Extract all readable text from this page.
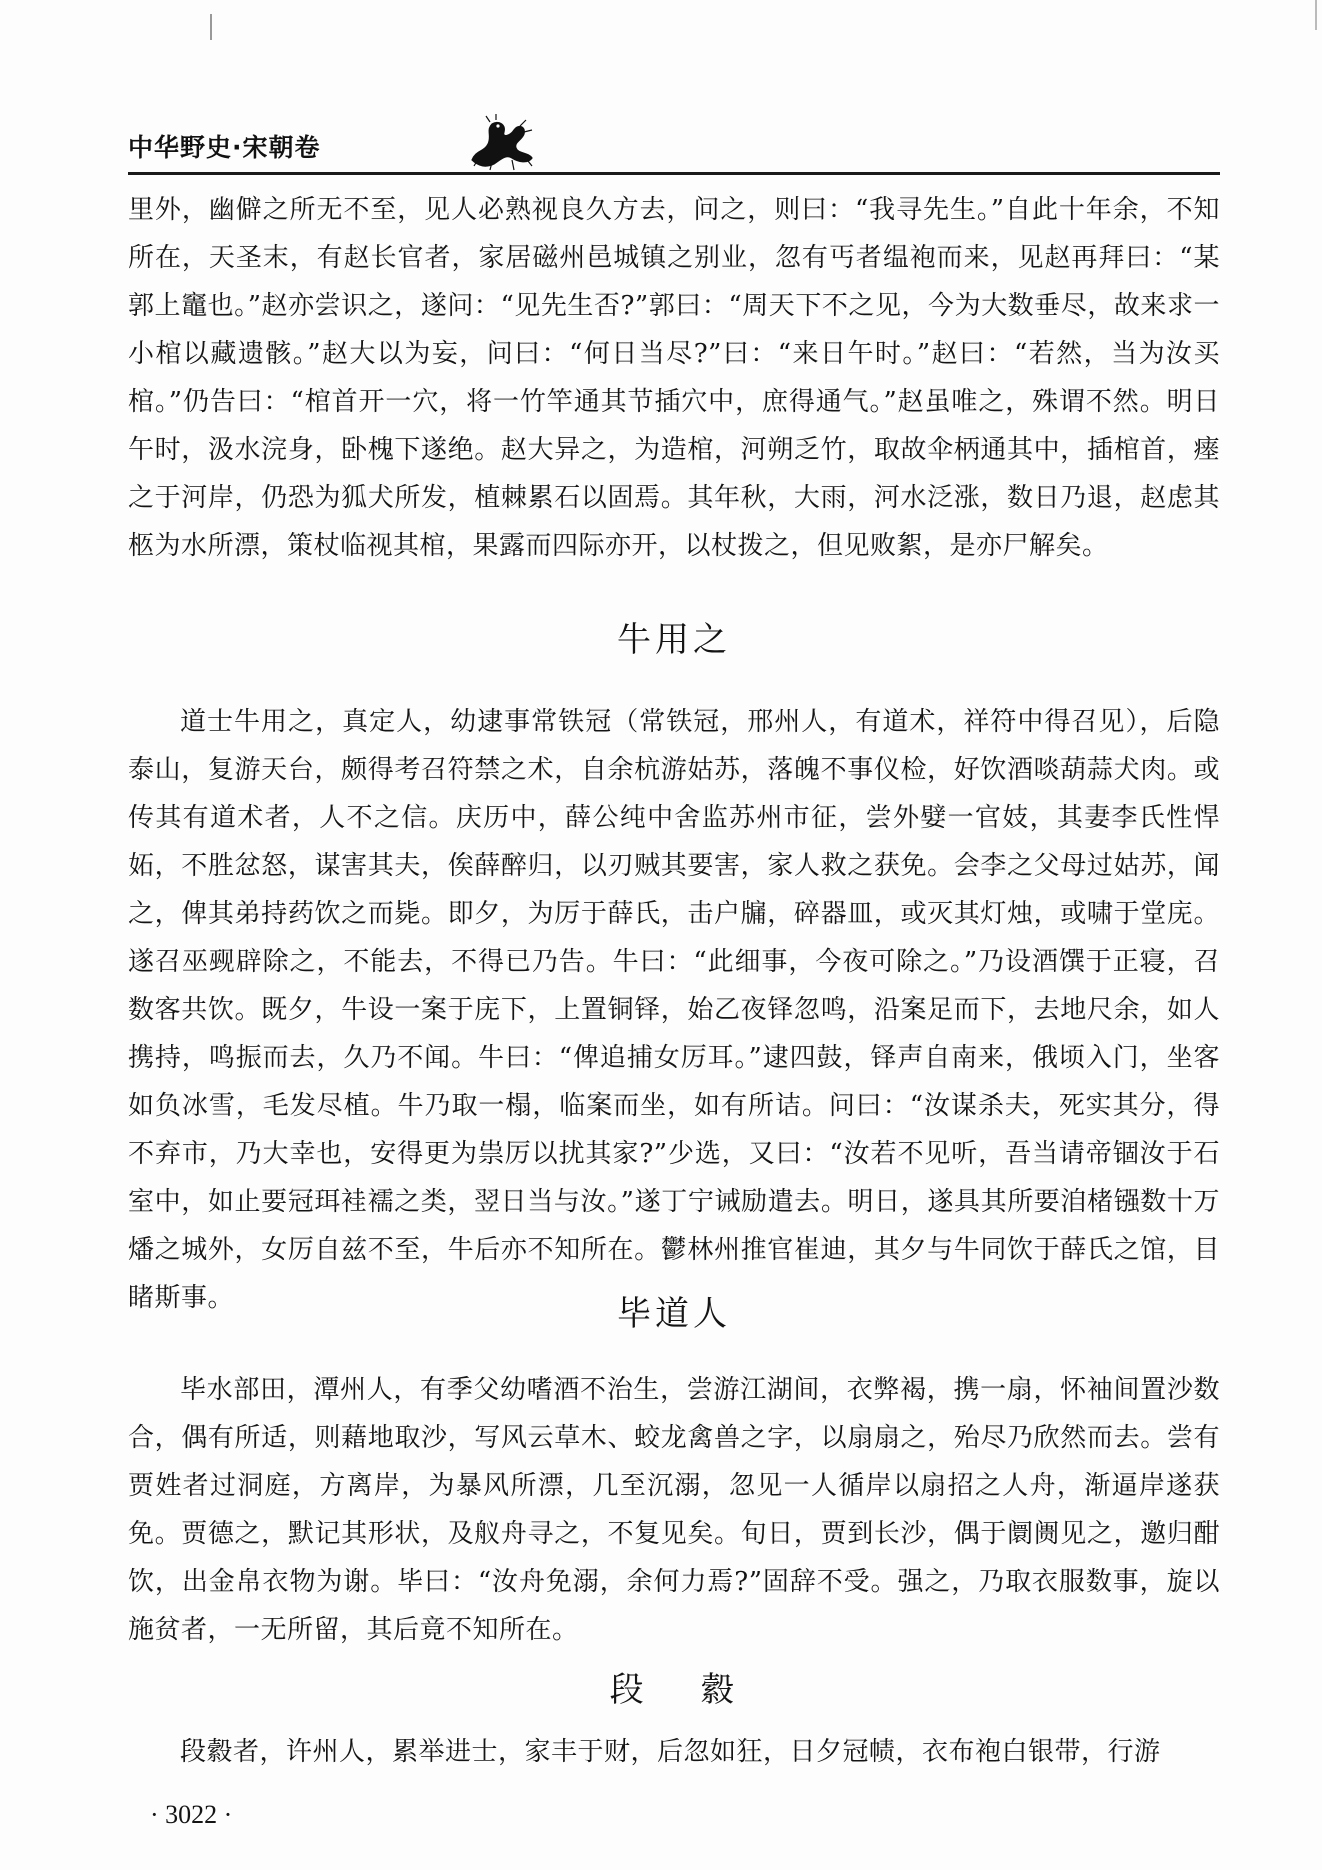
中华野史·宋朝卷

里外，幽僻之所无不至，见人必熟视良久方去，问之，则曰：“我寻先生。”自此十年余，不知所在，天圣末，有赵长官者，家居磁州邑城镇之别业，忽有丐者缊袍而来，见赵再拜曰：“某郭上竈也。”赵亦尝识之，遂问：“见先生否?”郭曰：“周天下不之见，今为大数垂尽，故来求一小棺以藏遗骸。”赵大以为妄，问曰：“何日当尽?”曰：“来日午时。”赵曰：“若然，当为汝买棺。”仍告曰：“棺首开一穴，将一竹竿通其节插穴中，庶得通气。”赵虽唯之，殊谓不然。明日午时，汲水浣身，卧槐下遂绝。赵大异之，为造棺，河朔乏竹，取故伞柄通其中，插棺首，瘗之于河岸，仍恐为狐犬所发，植棘累石以固焉。其年秋，大雨，河水泛涨，数日乃退，赵虑其柩为水所漂，策杖临视其棺，果露而四际亦开，以杖拨之，但见败絮，是亦尸解矣。

牛用之

道士牛用之，真定人，幼逮事常铁冠（常铁冠，邢州人，有道术，祥符中得召见），后隐泰山，复游天台，颇得考召符禁之术，自余杭游姑苏，落魄不事仪检，好饮酒啖葫蒜犬肉。或传其有道术者，人不之信。庆历中，薛公纯中舍监苏州市征，尝外嬖一官妓，其妻李氏性悍妬，不胜忿怒，谋害其夫，俟薛醉归，以刃贼其要害，家人救之获免。会李之父母过姑苏，闻之，俾其弟持药饮之而毙。即夕，为厉于薛氏，击户牖，碎器皿，或灭其灯烛，或啸于堂庑。遂召巫觋辟除之，不能去，不得已乃告。牛曰：“此细事，今夜可除之。”乃设酒馔于正寝，召数客共饮。既夕，牛设一案于庑下，上置铜铎，始乙夜铎忽鸣，沿案足而下，去地尺余，如人携持，鸣振而去，久乃不闻。牛曰：“俾追捕女厉耳。”逮四鼓，铎声自南来，俄顷入门，坐客如负冰雪，毛发尽植。牛乃取一榻，临案而坐，如有所诘。问曰：“汝谋杀夫，死实其分，得不弃市，乃大幸也，安得更为祟厉以扰其家?”少选，又曰：“汝若不见听，吾当请帝锢汝于石室中，如止要冠珥袿襦之类，翌日当与汝。”遂丁宁诫励遣去。明日，遂具其所要洎楮镪数十万燔之城外，女厉自兹不至，牛后亦不知所在。鬱林州推官崔迪，其夕与牛同饮于薛氏之馆，目睹斯事。	毕道人

毕水部田，潭州人，有季父幼嗜酒不治生，尝游江湖间，衣弊褐，携一扇，怀袖间置沙数合，偶有所适，则藉地取沙，写风云草木、蛟龙禽兽之字，以扇扇之，殆尽乃欣然而去。尝有贾姓者过洞庭，方离岸，为暴风所漂，几至沉溺，忽见一人循岸以扇招之人舟，渐逼岸遂获免。贾德之，默记其形状，及舣舟寻之，不复见矣。旬日，贾到长沙，偶于阛阓见之，邀归酣饮，出金帛衣物为谢。毕曰：“汝舟免溺，余何力焉?”固辞不受。强之，乃取衣服数事，旋以施贫者，一无所留，其后竟不知所在。

段　 縠

段縠者，许州人，累举进士，家丰于财，后忽如狂，日夕冠帻，衣布袍白银带，行游

· 3022 ·
